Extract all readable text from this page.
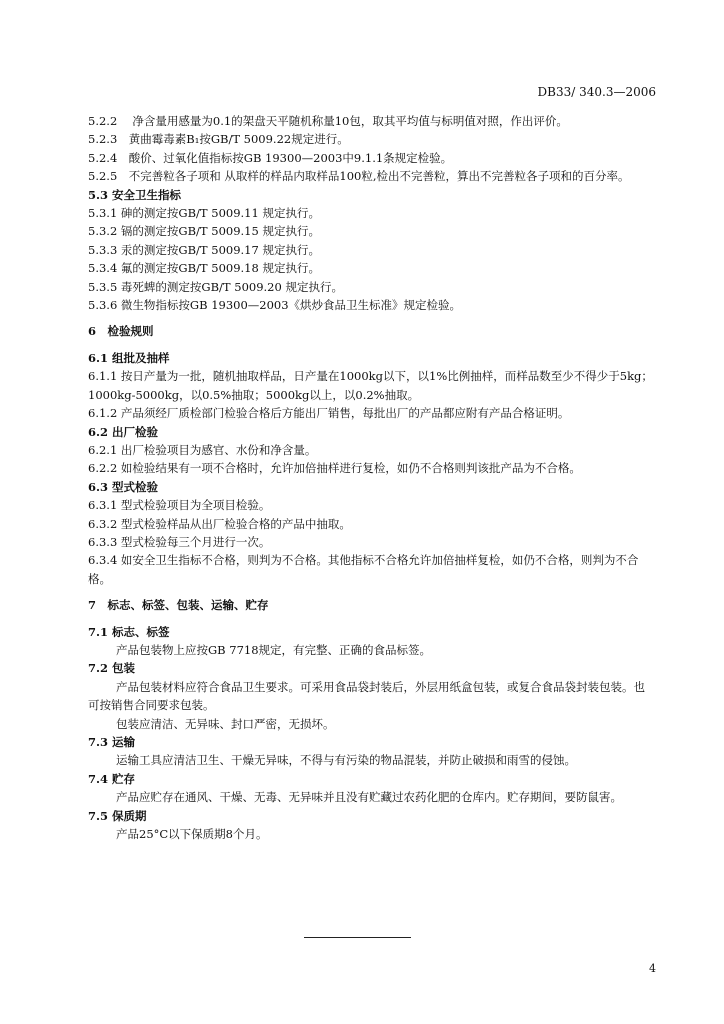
DB33/ 340.3—2006
5.2.2　 净含量用感量为0.1的架盘天平随机称量10包，取其平均值与标明值对照，作出评价。
5.2.3　黄曲霉毒素B₁按GB/T 5009.22规定进行。
5.2.4　酸价、过氧化值指标按GB 19300—2003中9.1.1条规定检验。
5.2.5　不完善粒各子项和 从取样的样品内取样品100粒,检出不完善粒，算出不完善粒各子项和的百分率。
5.3 安全卫生指标
5.3.1 砷的测定按GB/T 5009.11 规定执行。
5.3.2 镉的测定按GB/T 5009.15 规定执行。
5.3.3 汞的测定按GB/T 5009.17 规定执行。
5.3.4 氟的测定按GB/T 5009.18 规定执行。
5.3.5 毒死蜱的测定按GB/T 5009.20 规定执行。
5.3.6 微生物指标按GB 19300—2003《烘炒食品卫生标准》规定检验。
6　检验规则
6.1 组批及抽样
6.1.1 按日产量为一批，随机抽取样品，日产量在1000kg以下，以1%比例抽样，而样品数至少不得少于5kg；1000kg-5000kg，以0.5%抽取；5000kg以上，以0.2%抽取。
6.1.2 产品须经厂质检部门检验合格后方能出厂销售，每批出厂的产品都应附有产品合格证明。
6.2 出厂检验
6.2.1 出厂检验项目为感官、水份和净含量。
6.2.2 如检验结果有一项不合格时，允许加倍抽样进行复检，如仍不合格则判该批产品为不合格。
6.3 型式检验
6.3.1 型式检验项目为全项目检验。
6.3.2 型式检验样品从出厂检验合格的产品中抽取。
6.3.3 型式检验每三个月进行一次。
6.3.4 如安全卫生指标不合格，则判为不合格。其他指标不合格允许加倍抽样复检，如仍不合格，则判为不合格。
7　标志、标签、包装、运输、贮存
7.1 标志、标签
产品包装物上应按GB 7718规定，有完整、正确的食品标签。
7.2 包装
产品包装材料应符合食品卫生要求。可采用食品袋封装后，外层用纸盒包装，或复合食品袋封装包装。也可按销售合同要求包装。
包装应清洁、无异味、封口严密，无损坏。
7.3 运输
运输工具应清洁卫生、干燥无异味，不得与有污染的物品混装，并防止破损和雨雪的侵蚀。
7.4 贮存
产品应贮存在通风、干燥、无毒、无异味并且没有贮藏过农药化肥的仓库内。贮存期间，要防鼠害。
7.5 保质期
产品25°C以下保质期8个月。
4
